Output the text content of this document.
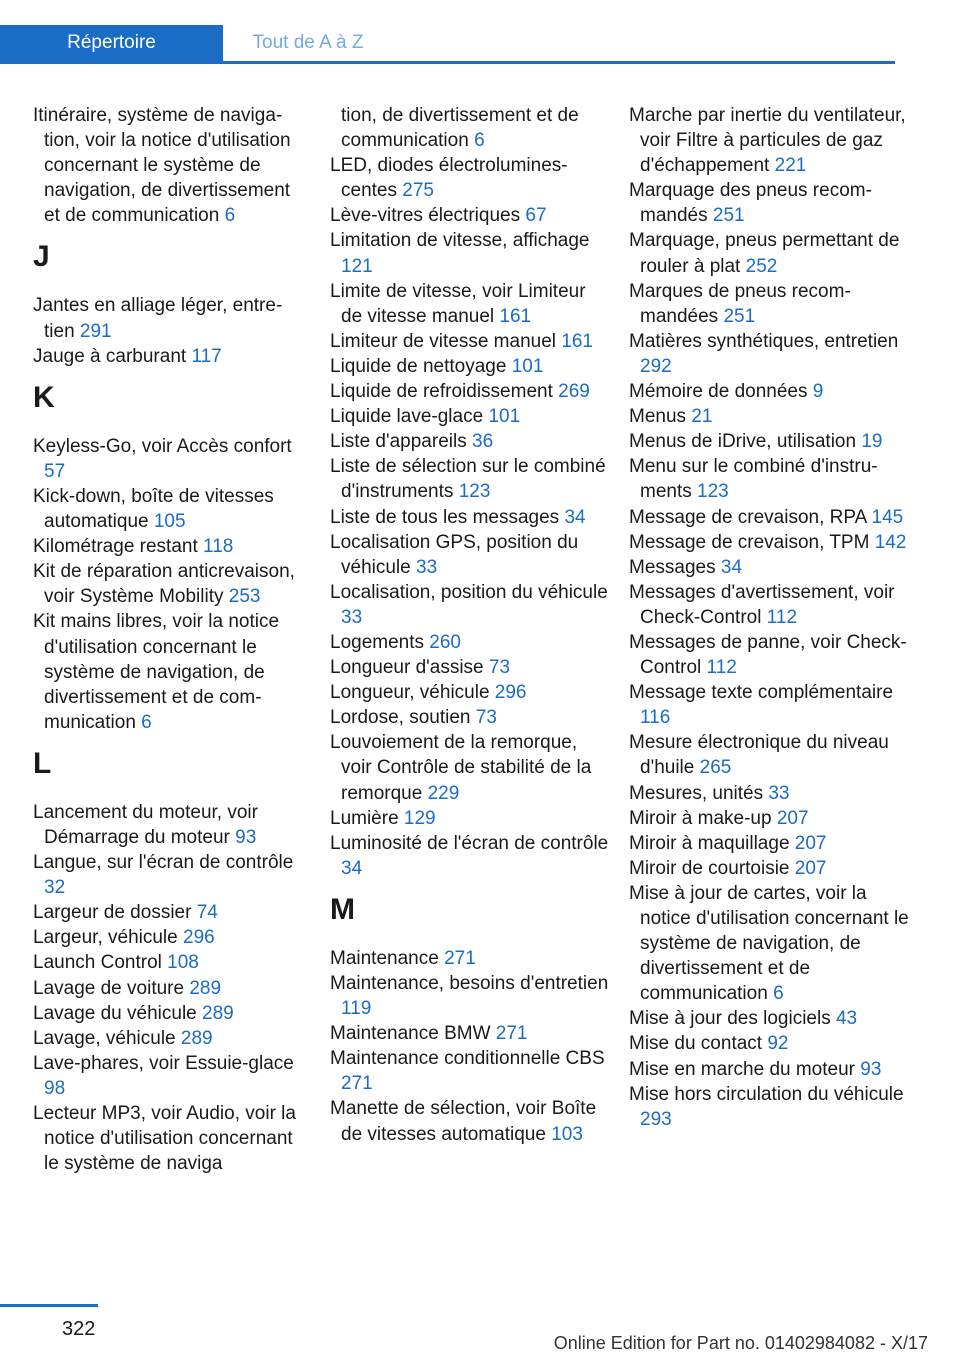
Répertoire	Tout de A à Z
Itinéraire, système de navigation, voir la notice d'utilisation concernant le système de navigation, de divertissement et de communication 6
J
Jantes en alliage léger, entretien 291
Jauge à carburant 117
K
Keyless-Go, voir Accès confort 57
Kick-down, boîte de vitesses automatique 105
Kilométrage restant 118
Kit de réparation anticrevaison, voir Système Mobility 253
Kit mains libres, voir la notice d'utilisation concernant le système de navigation, de divertissement et de communication 6
L
Lancement du moteur, voir Démarrage du moteur 93
Langue, sur l'écran de contrôle 32
Largeur de dossier 74
Largeur, véhicule 296
Launch Control 108
Lavage de voiture 289
Lavage du véhicule 289
Lavage, véhicule 289
Lave-phares, voir Essuie-glace 98
Lecteur MP3, voir Audio, voir la notice d'utilisation concernant le système de naviga
tion, de divertissement et de communication 6
LED, diodes électroluminescentes 275
Lève-vitres électriques 67
Limitation de vitesse, affichage 121
Limite de vitesse, voir Limiteur de vitesse manuel 161
Limiteur de vitesse manuel 161
Liquide de nettoyage 101
Liquide de refroidissement 269
Liquide lave-glace 101
Liste d'appareils 36
Liste de sélection sur le combiné d'instruments 123
Liste de tous les messages 34
Localisation GPS, position du véhicule 33
Localisation, position du véhicule 33
Logements 260
Longueur d'assise 73
Longueur, véhicule 296
Lordose, soutien 73
Louvoiement de la remorque, voir Contrôle de stabilité de la remorque 229
Lumière 129
Luminosité de l'écran de contrôle 34
M
Maintenance 271
Maintenance, besoins d'entretien 119
Maintenance BMW 271
Maintenance conditionnelle CBS 271
Manette de sélection, voir Boîte de vitesses automatique 103
Marche par inertie du ventilateur, voir Filtre à particules de gaz d'échappement 221
Marquage des pneus recommandés 251
Marquage, pneus permettant de rouler à plat 252
Marques de pneus recommandées 251
Matières synthétiques, entretien 292
Mémoire de données 9
Menus 21
Menus de iDrive, utilisation 19
Menu sur le combiné d'instruments 123
Message de crevaison, RPA 145
Message de crevaison, TPM 142
Messages 34
Messages d'avertissement, voir Check-Control 112
Messages de panne, voir Check-Control 112
Message texte complémentaire 116
Mesure électronique du niveau d'huile 265
Mesures, unités 33
Miroir à make-up 207
Miroir à maquillage 207
Miroir de courtoisie 207
Mise à jour de cartes, voir la notice d'utilisation concernant le système de navigation, de divertissement et de communication 6
Mise à jour des logiciels 43
Mise du contact 92
Mise en marche du moteur 93
Mise hors circulation du véhicule 293
322
Online Edition for Part no. 01402984082 - X/17
